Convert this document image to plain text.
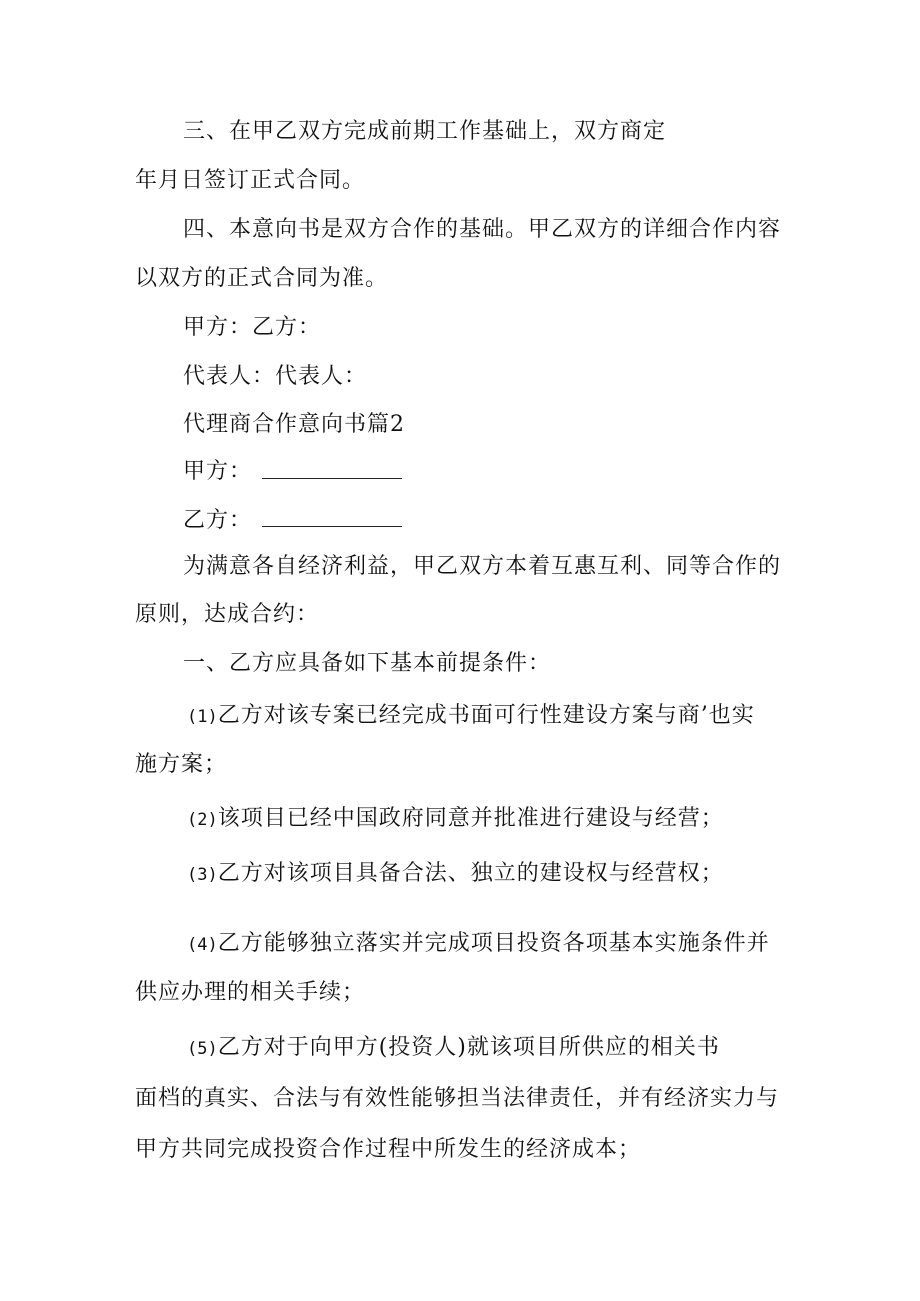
三、在甲乙双方完成前期工作基础上，双方商定
年月日签订正式合同。
四、本意向书是双方合作的基础。甲乙双方的详细合作内容
以双方的正式合同为准。
甲方：乙方：
代表人：代表人：
代理商合作意向书篇2
甲方：
乙方：
为满意各自经济利益，甲乙双方本着互惠互利、同等合作的
原则，达成合约：
一、乙方应具备如下基本前提条件：
(1)乙方对该专案已经完成书面可行性建设方案与商’也实
施方案；
(2)该项目已经中国政府同意并批准进行建设与经营；
(3)乙方对该项目具备合法、独立的建设权与经营权；
(4)乙方能够独立落实并完成项目投资各项基本实施条件并
供应办理的相关手续；
(5)乙方对于向甲方(投资人)就该项目所供应的相关书
面档的真实、合法与有效性能够担当法律责任，并有经济实力与
甲方共同完成投资合作过程中所发生的经济成本；
